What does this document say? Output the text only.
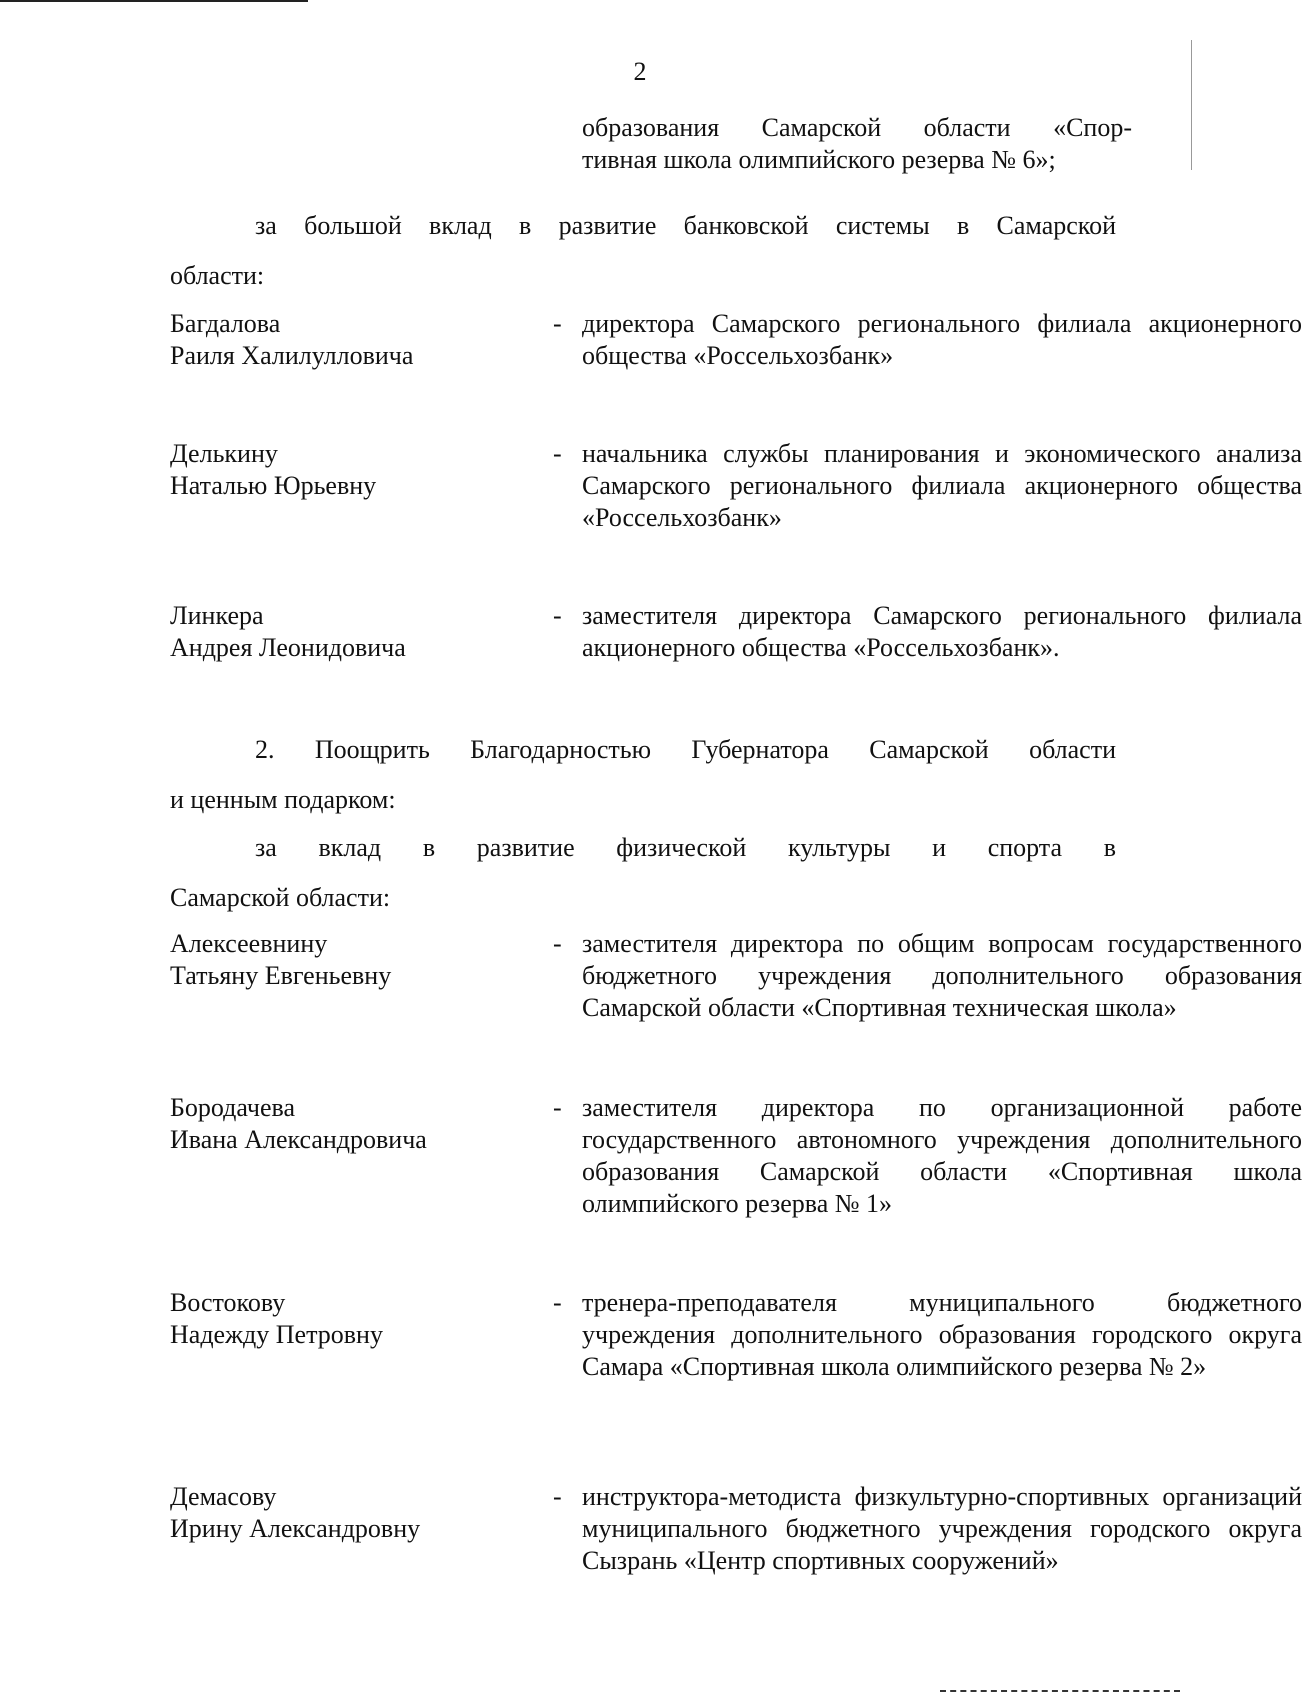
2
образования Самарской области «Спор-
тивная школа олимпийского резерва № 6»;
за большой вклад в развитие банковской системы в Самарской
области:
Багдалова
Раиля Халилулловича
- директора Самарского регионального филиала акционерного общества «Россельхозбанк»
Делькину
Наталью Юрьевну
- начальника службы планирования и экономического анализа Самарского регионального филиала акционерного общества «Россельхозбанк»
Линкера
Андрея Леонидовича
- заместителя директора Самарского регионального филиала акционерного общества «Россельхозбанк».
2. Поощрить Благодарностью Губернатора Самарской области
и ценным подарком:
за вклад в развитие физической культуры и спорта в
Самарской области:
Алексеевнину
Татьяну Евгеньевну
- заместителя директора по общим вопросам государственного бюджетного учреждения дополнительного образования Самарской области «Спортивная техническая школа»
Бородачева
Ивана Александровича
- заместителя директора по организационной работе государственного автономного учреждения дополнительного образования Самарской области «Спортивная школа олимпийского резерва № 1»
Востокову
Надежду Петровну
- тренера-преподавателя муниципального бюджетного учреждения дополнительного образования городского округа Самара «Спортивная школа олимпийского резерва № 2»
Демасову
Ирину Александровну
- инструктора-методиста физкультурно-спортивных организаций муниципального бюджетного учреждения городского округа Сызрань «Центр спортивных сооружений»
